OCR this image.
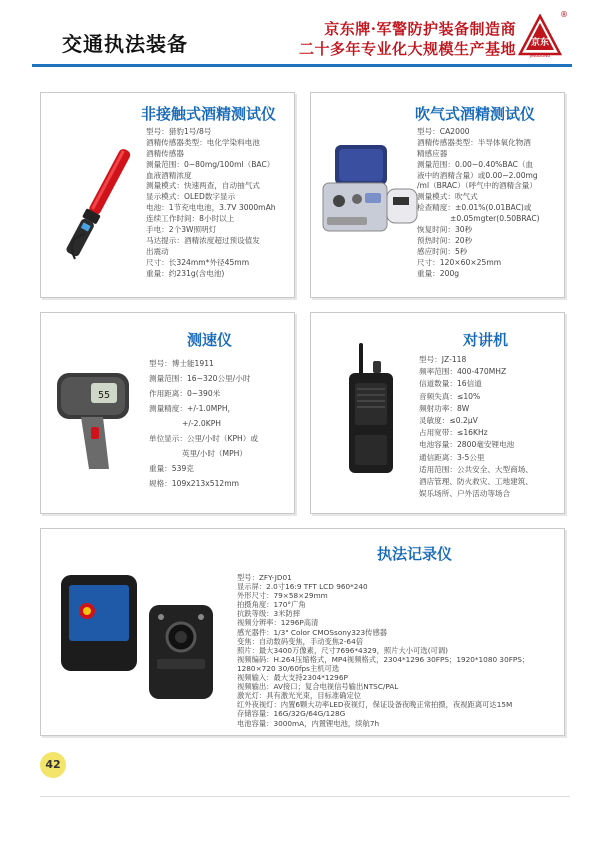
交通执法装备
京东牌·军警防护装备制造商
二十多年专业化大规模生产基地 京东
JINGDONG
®
非接触式酒精测试仪
型号：猎豹1号/8号
酒精传感器类型：电化学染料电池
酒精传感器
测量范围：0~80mg/100ml（BAC）
血液酒精浓度
测量模式：快速两查，自动抽气式
显示模式：OLED数字显示
电池：1节充电电池，3.7V 3000mAh
连续工作时间：8小时以上
手电：2个3W照明灯
马达提示：酒精浓度超过预设值发
出震动
尺寸：长324mm*外径45mm
重量：约231g(含电池)
吹气式酒精测试仪
型号：CA2000
酒精传感器类型：半导体氧化物酒
精感应器
测量范围：0.00~0.40%BAC（血
液中的酒精含量）或0.00~2.00mg
/ml（BRAC）（呼气中的酒精含量）
测量模式：吹气式
检查精度：±0.01%(0.01BAC)或
±0.05mgter(0.50BRAC)
恢复时间：30秒
预热时间：20秒
感应时间：5秒
尺寸：120×60×25mm
重量：200g
55
测速仪
型号：博士能1911
测量范围：16~320公里/小时
作用距离：0~390米
测量精度：+/-1.0MPH，
+/-2.0KPH
单位显示：公里/小时（KPH）或
英里/小时（MPH）
重量：539克
规格：109x213x512mm
对讲机
型号：JZ-118
频率范围：400-470MHZ
信道数量：16信道
音频失真：≤10%
频射功率：8W
灵敏度：≤0.2μV
占用宽带：≤16KHz
电池容量：2800毫安锂电池
通信距离：3-5公里
适用范围：公共安全、大型商场、
酒店管理、防火救灾、工地建筑、
娱乐场所、户外活动等场合
执法记录仪
型号：ZFY-JD01
显示屏：2.0寸16:9 TFT LCD 960*240
外形尺寸：79×58×29mm
拍摄角度：170°广角
抗跌等级：3米防摔
视频分辨率：1296P高清
感光器件：1/3" Color CMOSsony323传感器
变焦：自动数码变焦，手动变焦2-64倍
照片：最大3400万像素，尺寸7696*4329，照片大小可选(可调)
视频编码：H.264压缩格式，MP4视频格式，2304*1296 30FPS；1920*1080 30FPS；
1280×720 30/60fps主机可选
视频输入：最大支持2304*1296P
视频输出：AV接口；复合电视信号输出NTSC/PAL
激光灯：具有激光光束，目标准确定位
红外夜视灯：内置6颗大功率LED夜视灯，保证设备夜晚正常拍摄，夜视距离可达15M
存储容量：16G/32G/64G/128G
电池容量：3000mA，内置锂电池，续航7h
42
